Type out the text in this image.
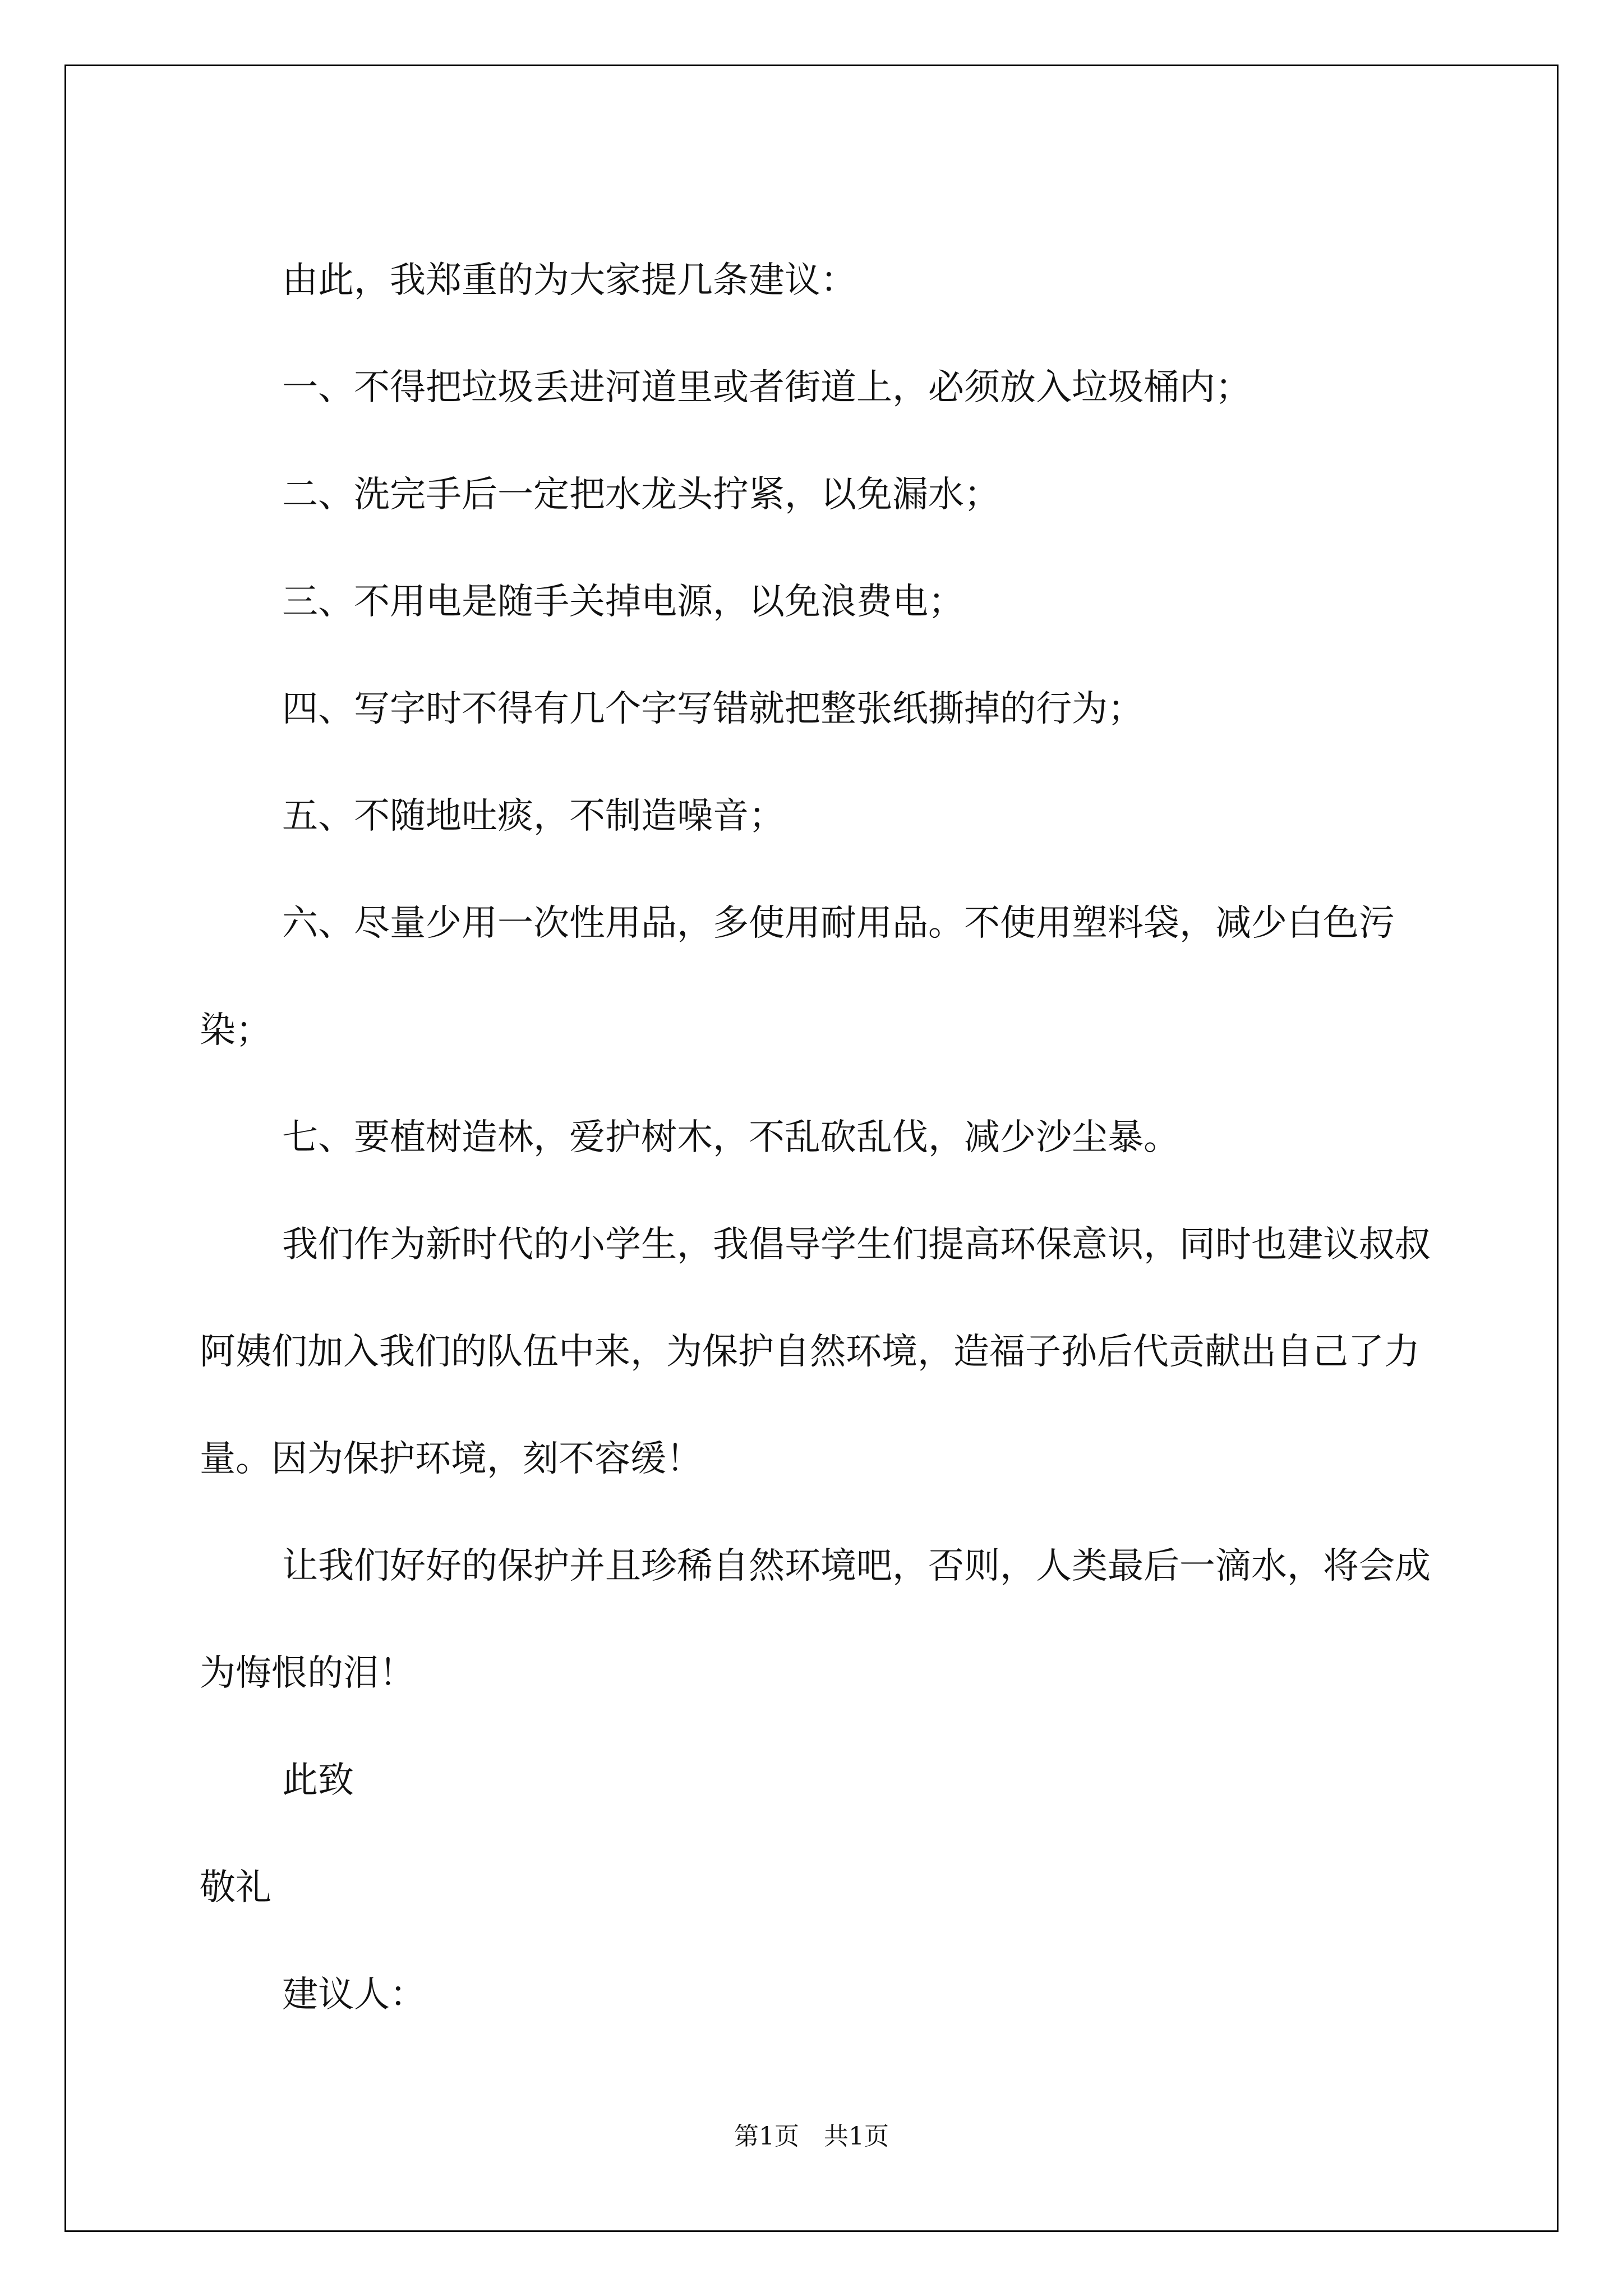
由此，我郑重的为大家提几条建议：

一、不得把垃圾丢进河道里或者街道上，必须放入垃圾桶内；

二、洗完手后一定把水龙头拧紧，以免漏水；

三、不用电是随手关掉电源，以免浪费电；

四、写字时不得有几个字写错就把整张纸撕掉的行为；

五、不随地吐痰，不制造噪音；

六、尽量少用一次性用品，多使用耐用品。不使用塑料袋，减少白色污染；

七、要植树造林，爱护树木，不乱砍乱伐，减少沙尘暴。

我们作为新时代的小学生，我倡导学生们提高环保意识，同时也建议叔叔阿姨们加入我们的队伍中来，为保护自然环境，造福子孙后代贡献出自己了力量。因为保护环境，刻不容缓！

让我们好好的保护并且珍稀自然环境吧，否则，人类最后一滴水，将会成为悔恨的泪！

此致

敬礼

建议人：

第1页　共1页
